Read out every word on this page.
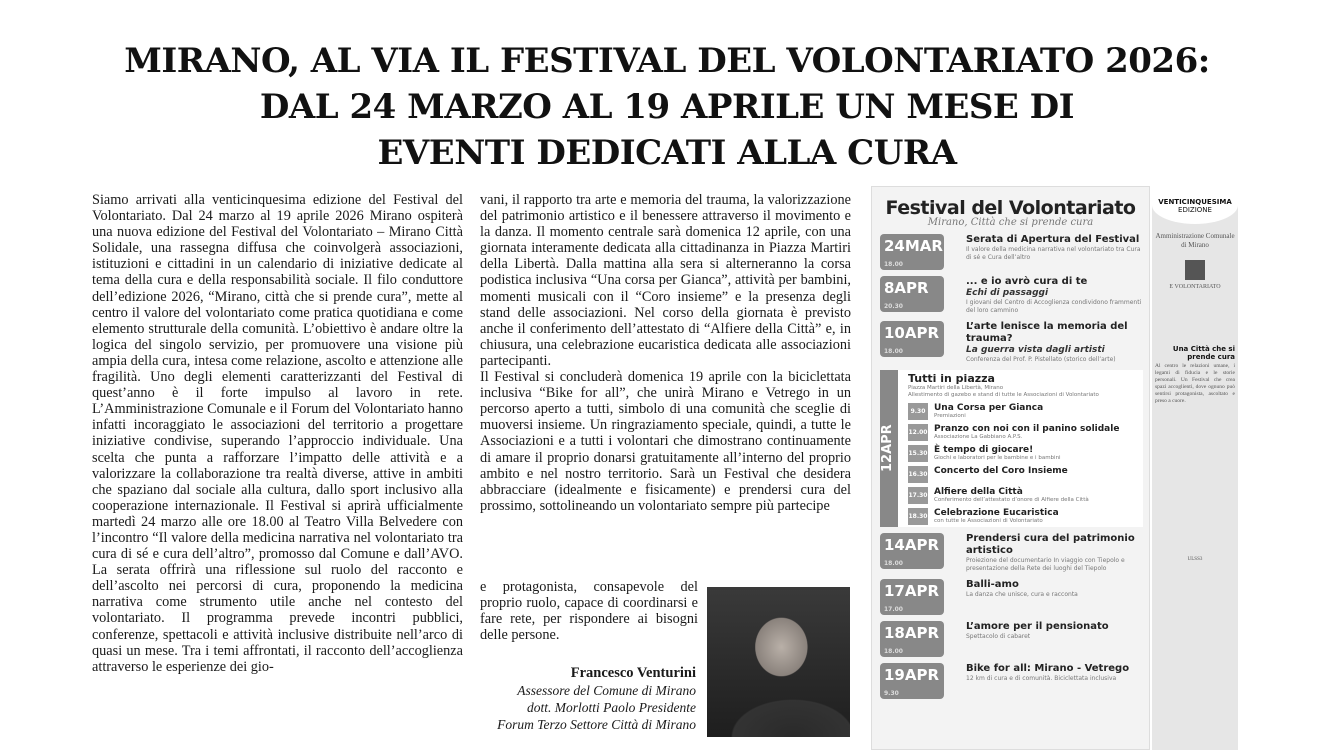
MIRANO, AL VIA IL FESTIVAL DEL VOLONTARIATO 2026:
DAL 24 MARZO AL 19 APRILE UN MESE DI
EVENTI DEDICATI ALLA CURA

Siamo arrivati alla venticinquesima edizione del Festival del Volontariato. Dal 24 marzo al 19 aprile 2026 Mirano ospiterà una nuova edizione del Festival del Volontariato – Mirano Città Solidale, una rassegna diffusa che coinvolgerà associazioni, istituzioni e cittadini in un calendario di iniziative dedicate al tema della cura e della responsabilità sociale. Il filo conduttore dell’edizione 2026, “Mirano, città che si prende cura”, mette al centro il valore del volontariato come pratica quotidiana e come elemento strutturale della comunità. L’obiettivo è andare oltre la logica del singolo servizio, per promuovere una visione più ampia della cura, intesa come relazione, ascolto e attenzione alle fragilità. Uno degli elementi caratterizzanti del Festival di quest’anno è il forte impulso al lavoro in rete. L’Amministrazione Comunale e il Forum del Volontariato hanno infatti incoraggiato le associazioni del territorio a progettare iniziative condivise, superando l’approccio individuale. Una scelta che punta a rafforzare l’impatto delle attività e a valorizzare la collaborazione tra realtà diverse, attive in ambiti che spaziano dal sociale alla cultura, dallo sport inclusivo alla cooperazione internazionale. Il Festival si aprirà ufficialmente martedì 24 marzo alle ore 18.00 al Teatro Villa Belvedere con l’incontro “Il valore della medicina narrativa nel volontariato tra cura di sé e cura dell’altro”, promosso dal Comune e dall’AVO. La serata offrirà una riflessione sul ruolo del racconto e dell’ascolto nei percorsi di cura, proponendo la medicina narrativa come strumento utile anche nel contesto del volontariato. Il programma prevede incontri pubblici, conferenze, spettacoli e attività inclusive distribuite nell’arco di quasi un mese. Tra i temi affrontati, il racconto dell’accoglienza attraverso le esperienze dei gio-

vani, il rapporto tra arte e memoria del trauma, la valorizzazione del patrimonio artistico e il benessere attraverso il movimento e la danza. Il momento centrale sarà domenica 12 aprile, con una giornata interamente dedicata alla cittadinanza in Piazza Martiri della Libertà. Dalla mattina alla sera si alterneranno la corsa podistica inclusiva “Una corsa per Gianca”, attività per bambini, momenti musicali con il “Coro insieme” e la presenza degli stand delle associazioni. Nel corso della giornata è previsto anche il conferimento dell’attestato di “Alfiere della Città” e, in chiusura, una celebrazione eucaristica dedicata alle associazioni partecipanti.

Il Festival si concluderà domenica 19 aprile con la biciclettata inclusiva “Bike for all”, che unirà Mirano e Vetrego in un percorso aperto a tutti, simbolo di una comunità che sceglie di muoversi insieme. Un ringraziamento speciale, quindi, a tutte le Associazioni e a tutti i volontari che dimostrano continuamente di amare il proprio donarsi gratuitamente all’interno del proprio ambito e nel nostro territorio. Sarà un Festival che desidera abbracciare (idealmente e fisicamente) e prendersi cura del prossimo, sottolineando un volontariato sempre più partecipe

e protagonista, consapevole del proprio ruolo, capace di coordinarsi e fare rete, per rispondere ai bisogni delle persone.
Francesco Venturini
Assessore del Comune di Mirano
dott. Morlotti Paolo Presidente
Forum Terzo Settore Città di Mirano
Festival del Volontariato
Mirano, Città che si prende cura
24MAR
18.00
Serata di Apertura del Festival
Il valore della medicina narrativa nel volontariato tra Cura di sé e Cura dell’altro
8APR
20.30
... e io avrò cura di te
Echi di passaggi
I giovani del Centro di Accoglienza condividono frammenti del loro cammino
10APR
18.00
L’arte lenisce la memoria del trauma?
La guerra vista dagli artisti
Conferenza del Prof. P. Pistellato (storico dell’arte)
12APR
Tutti in piazza
Piazza Martiri della Libertà, Mirano
Allestimento di gazebo e stand di tutte le Associazioni di Volontariato
9.30 Una Corsa per Gianca
Premiazioni
12.00 Pranzo con noi con il panino solidale
Associazione La Gabbiano A.P.S.
15.30 È tempo di giocare!
Giochi e laboratori per le bambine e i bambini
16.30 Concerto del Coro Insieme
17.30 Alfiere della Città
Conferimento dell’attestato d’onore di Alfiere della Città
18.30 Celebrazione Eucaristica
con tutte le Associazioni di Volontariato
14APR
18.00
Prendersi cura del patrimonio artistico
Proiezione del documentario In viaggio con Tiepolo e presentazione della Rete dei luoghi del Tiepolo
17APR
17.00
Balli-amo
La danza che unisce, cura e racconta
18APR
18.00
L’amore per il pensionato
Spettacolo di cabaret
19APR
9.30
Bike for all: Mirano - Vetrego
12 km di cura e di comunità. Biciclettata inclusiva
VENTICINQUESIMA
EDIZIONE
Amministrazione Comunale di Mirano
E VOLONTARIATO
Una Città che si prende cura

Al centro le relazioni umane, i legami di fiducia e le storie personali. Un Festival che crea spazi accoglienti, dove ognuno può sentirsi protagonista, ascoltato e preso a cuore.

ULSS3
